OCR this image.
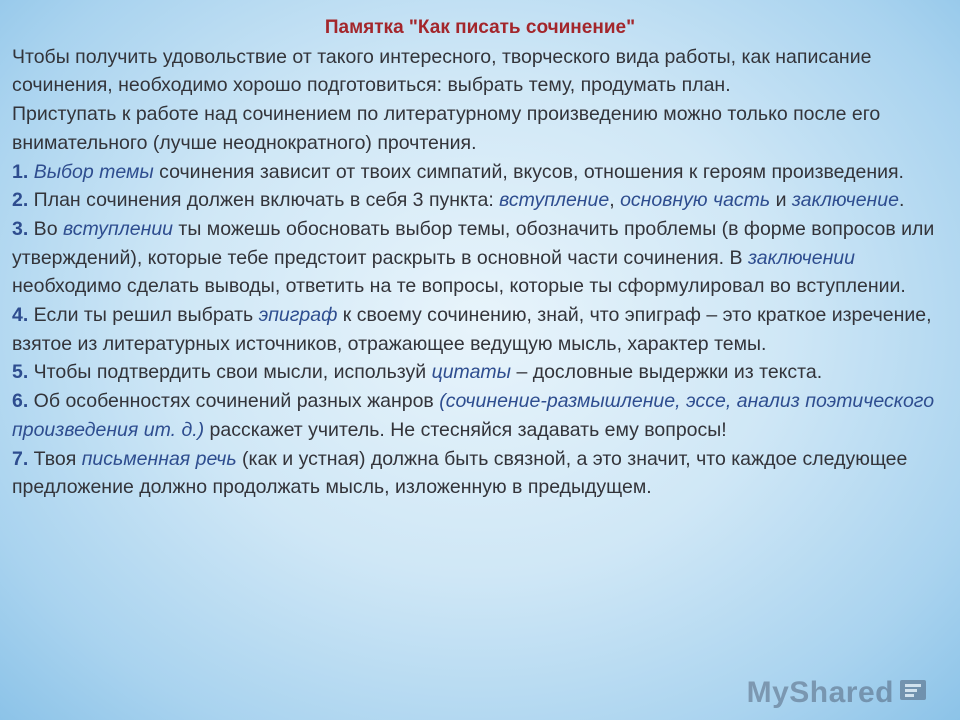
Памятка "Как писать сочинение"

Чтобы получить удовольствие от такого интересного, творческого вида работы, как написание сочинения, необходимо хорошо подготовиться: выбрать тему, продумать план.

Приступать к работе над сочинением по литературному произведению можно только после его внимательного (лучше неоднократного) прочтения.

1. Выбор темы сочинения зависит от твоих симпатий, вкусов, отношения к героям произведения.

2. План сочинения должен включать в себя 3 пункта: вступление, основную часть и заключение.

3. Во вступлении ты можешь обосновать выбор темы, обозначить проблемы (в форме вопросов или утверждений), которые тебе предстоит раскрыть в основной части сочинения. В заключении необходимо сделать выводы, ответить на те вопросы, которые ты сформулировал во вступлении.

4. Если ты решил выбрать эпиграф к своему сочинению, знай, что эпиграф – это краткое изречение, взятое из литературных источников, отражающее ведущую мысль, характер темы.

5. Чтобы подтвердить свои мысли, используй цитаты – дословные выдержки из текста.

6. Об особенностях сочинений разных жанров (сочинение-размышление, эссе, анализ поэтического произведения ит. д.) расскажет учитель. Не стесняйся задавать ему вопросы!

7. Твоя письменная речь (как и устная) должна быть связной, а это значит, что каждое следующее предложение должно продолжать мысль, изложенную в предыдущем.

MyShared
